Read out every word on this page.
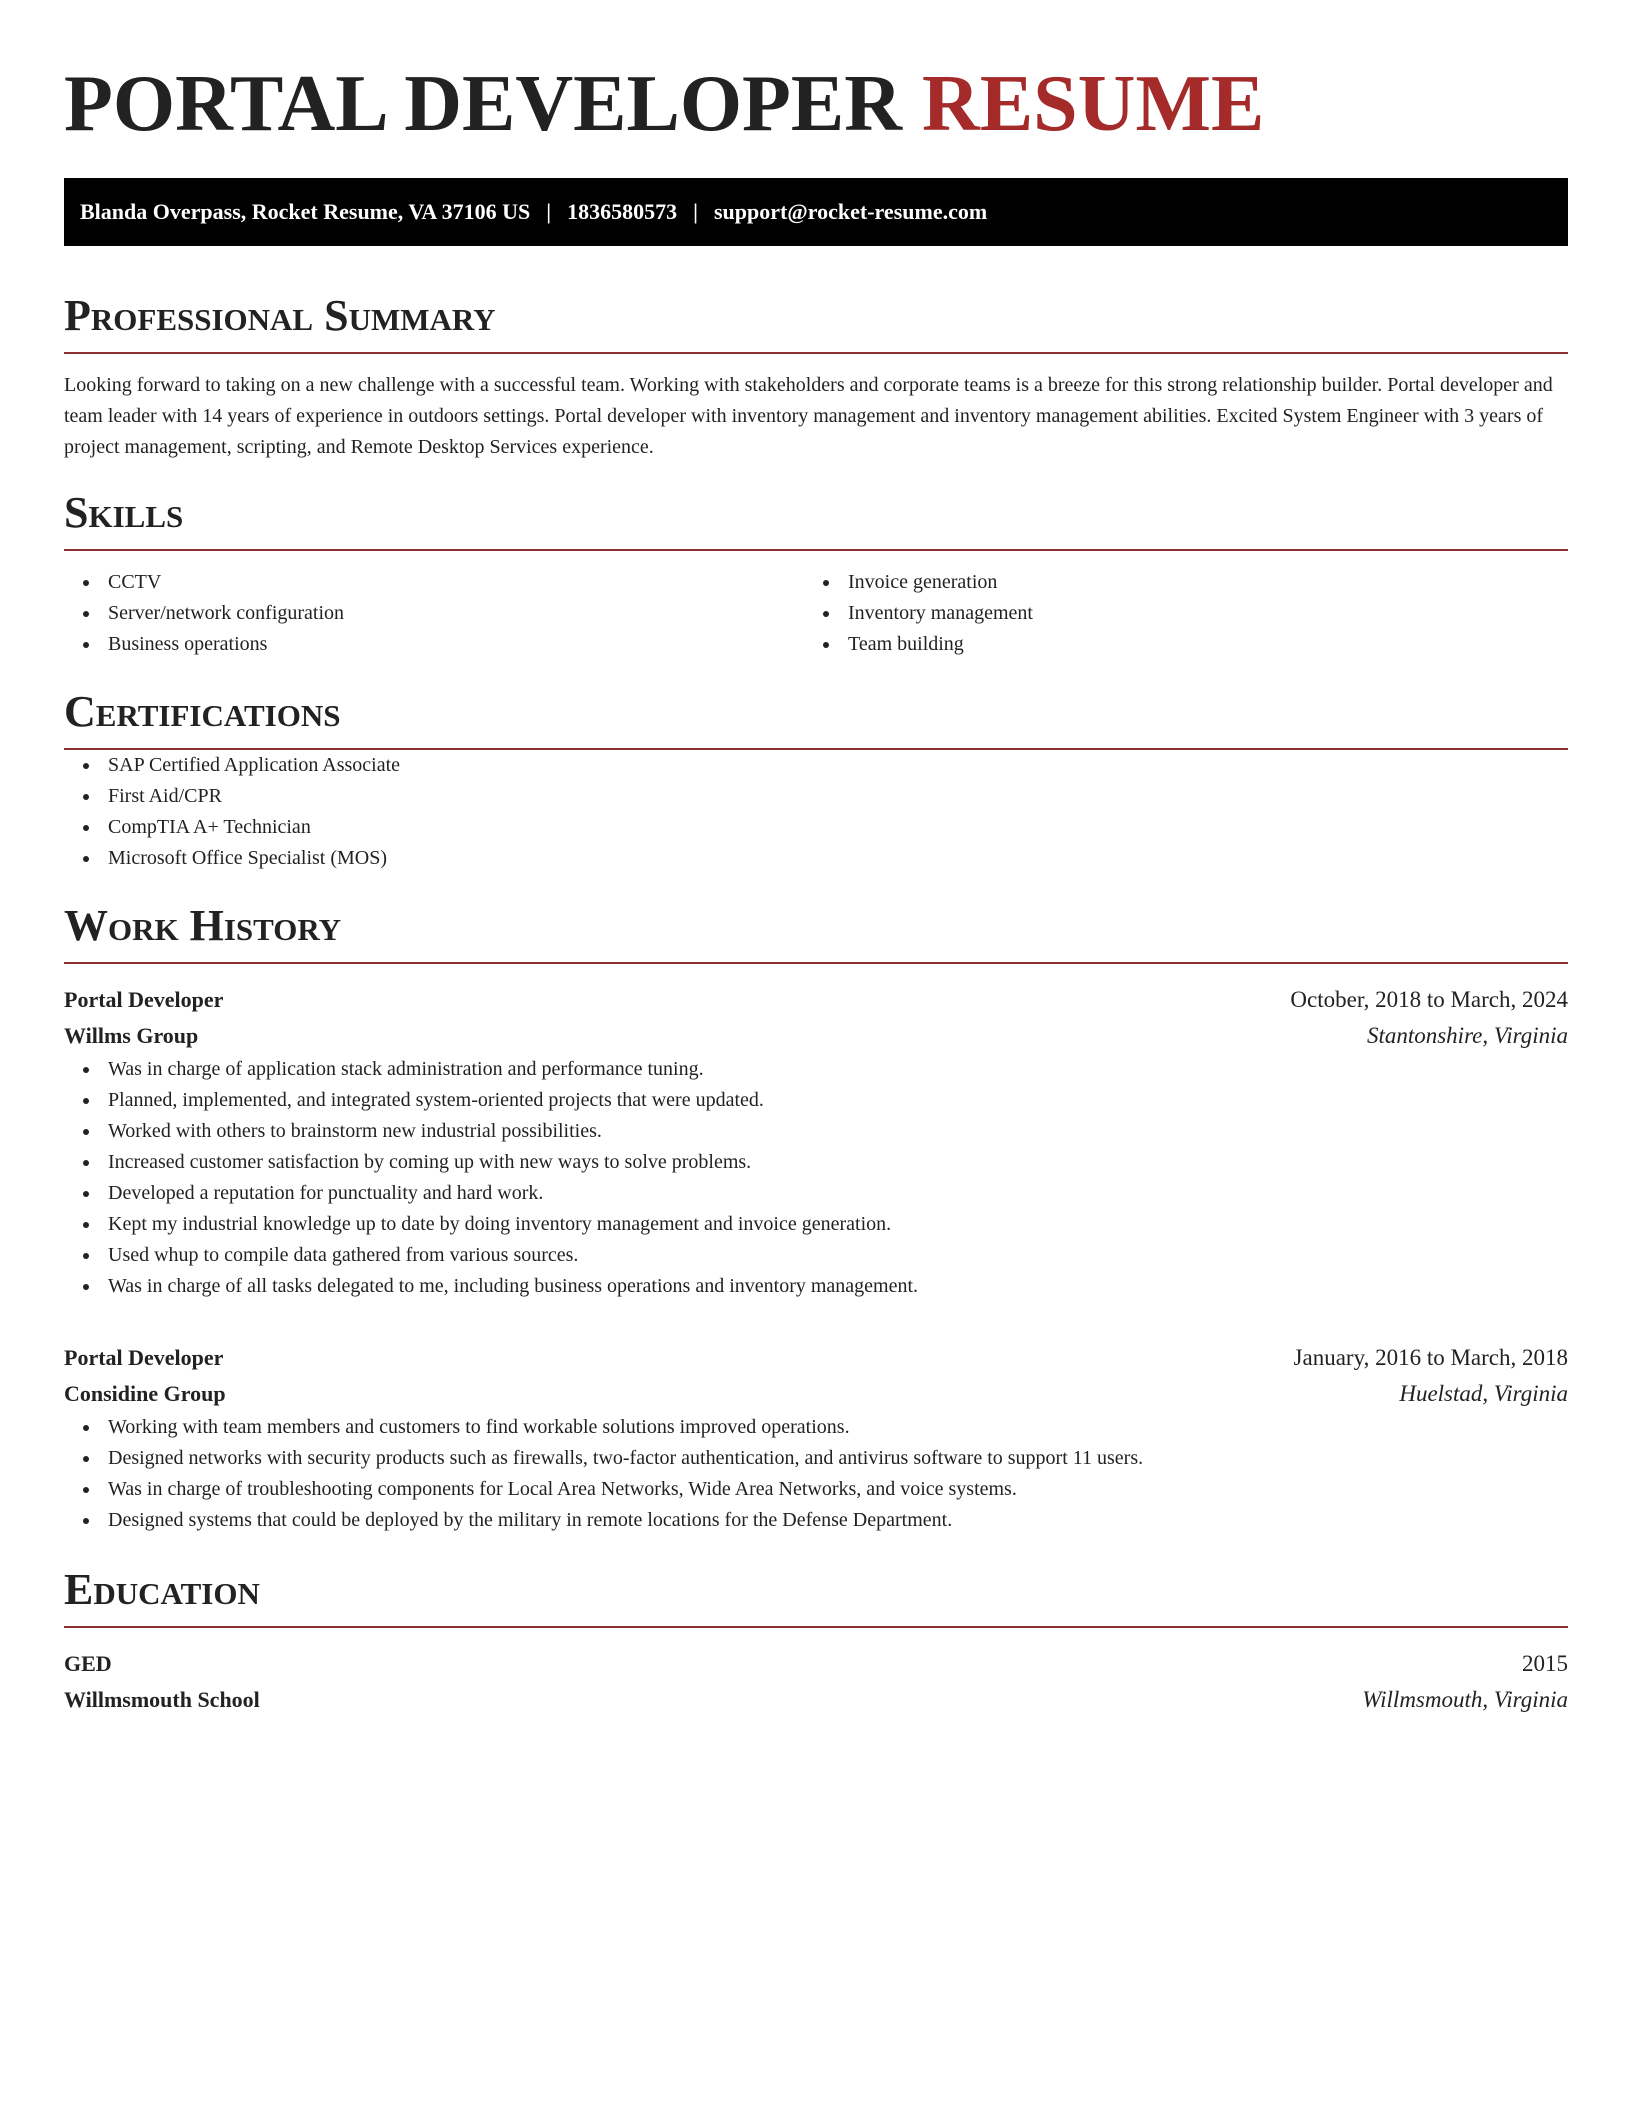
PORTAL DEVELOPER RESUME
Blanda Overpass, Rocket Resume, VA 37106 US | 1836580573 | support@rocket-resume.com
Professional Summary

Looking forward to taking on a new challenge with a successful team. Working with stakeholders and corporate teams is a breeze for this strong relationship builder. Portal developer and team leader with 14 years of experience in outdoors settings. Portal developer with inventory management and inventory management abilities. Excited System Engineer with 3 years of project management, scripting, and Remote Desktop Services experience.

Skills
CCTV
Server/network configuration
Business operations
Invoice generation
Inventory management
Team building
Certifications
SAP Certified Application Associate
First Aid/CPR
CompTIA A+ Technician
Microsoft Office Specialist (MOS)
Work History
Portal Developer	October, 2018 to March, 2024
Willms Group	Stantonshire, Virginia
Was in charge of application stack administration and performance tuning.
Planned, implemented, and integrated system-oriented projects that were updated.
Worked with others to brainstorm new industrial possibilities.
Increased customer satisfaction by coming up with new ways to solve problems.
Developed a reputation for punctuality and hard work.
Kept my industrial knowledge up to date by doing inventory management and invoice generation.
Used whup to compile data gathered from various sources.
Was in charge of all tasks delegated to me, including business operations and inventory management.
Portal Developer	January, 2016 to March, 2018
Considine Group	Huelstad, Virginia
Working with team members and customers to find workable solutions improved operations.
Designed networks with security products such as firewalls, two-factor authentication, and antivirus software to support 11 users.
Was in charge of troubleshooting components for Local Area Networks, Wide Area Networks, and voice systems.
Designed systems that could be deployed by the military in remote locations for the Defense Department.
Education
GED	2015
Willmsmouth School	Willmsmouth, Virginia
